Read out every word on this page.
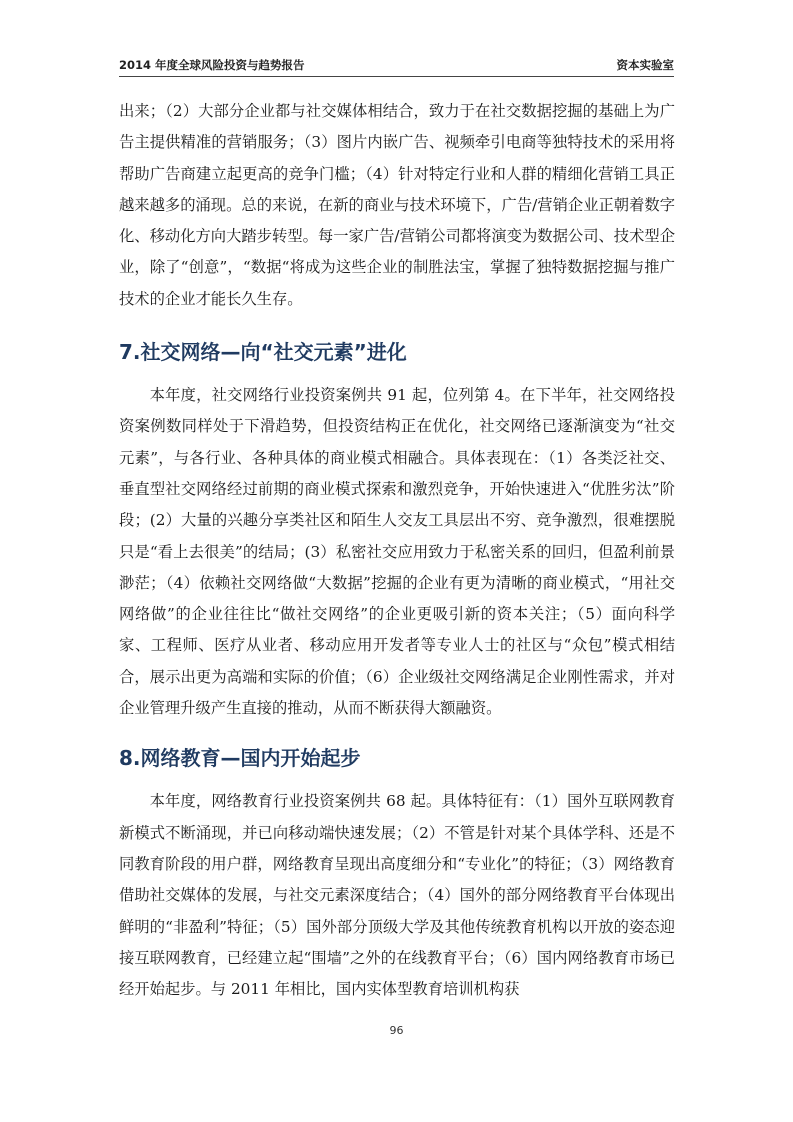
2014 年度全球风险投资与趋势报告	资本实验室

出来；（2）大部分企业都与社交媒体相结合，致力于在社交数据挖掘的基础上为广告主提供精准的营销服务；（3）图片内嵌广告、视频牵引电商等独特技术的采用将帮助广告商建立起更高的竞争门槛；（4）针对特定行业和人群的精细化营销工具正越来越多的涌现。总的来说，在新的商业与技术环境下，广告/营销企业正朝着数字化、移动化方向大踏步转型。每一家广告/营销公司都将演变为数据公司、技术型企业，除了“创意”，“数据“将成为这些企业的制胜法宝，掌握了独特数据挖掘与推广技术的企业才能长久生存。

7.社交网络—向“社交元素”进化

本年度，社交网络行业投资案例共 91 起，位列第 4。在下半年，社交网络投资案例数同样处于下滑趋势，但投资结构正在优化，社交网络已逐渐演变为“社交元素”，与各行业、各种具体的商业模式相融合。具体表现在：（1）各类泛社交、垂直型社交网络经过前期的商业模式探索和激烈竞争，开始快速进入“优胜劣汰”阶段；(2）大量的兴趣分享类社区和陌生人交友工具层出不穷、竞争激烈，很难摆脱只是“看上去很美”的结局；(3）私密社交应用致力于私密关系的回归，但盈利前景渺茫；（4）依赖社交网络做“大数据”挖掘的企业有更为清晰的商业模式，“用社交网络做”的企业往往比“做社交网络”的企业更吸引新的资本关注；（5）面向科学家、工程师、医疗从业者、移动应用开发者等专业人士的社区与“众包”模式相结合，展示出更为高端和实际的价值；（6）企业级社交网络满足企业刚性需求，并对企业管理升级产生直接的推动，从而不断获得大额融资。

8.网络教育—国内开始起步

本年度，网络教育行业投资案例共 68 起。具体特征有：（1）国外互联网教育新模式不断涌现，并已向移动端快速发展；（2）不管是针对某个具体学科、还是不同教育阶段的用户群，网络教育呈现出高度细分和“专业化”的特征；（3）网络教育借助社交媒体的发展，与社交元素深度结合；（4）国外的部分网络教育平台体现出鲜明的“非盈利”特征；（5）国外部分顶级大学及其他传统教育机构以开放的姿态迎接互联网教育，已经建立起“围墙”之外的在线教育平台；（6）国内网络教育市场已经开始起步。与 2011 年相比，国内实体型教育培训机构获

96
